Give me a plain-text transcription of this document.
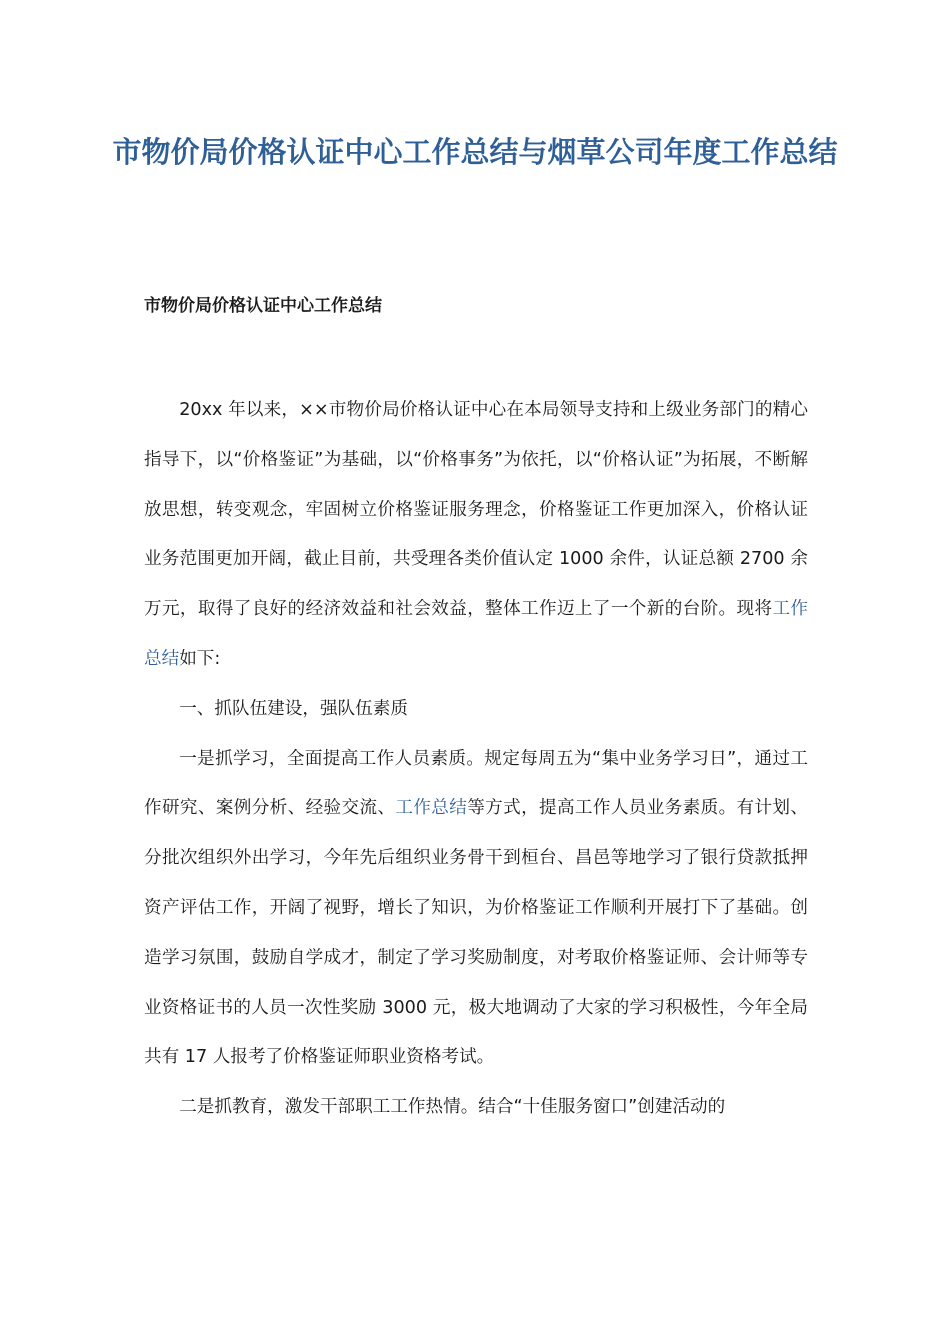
市物价局价格认证中心工作总结与烟草公司年度工作总结
市物价局价格认证中心工作总结

20xx 年以来，××市物价局价格认证中心在本局领导支持和上级业务部门的精心指导下，以“价格鉴证”为基础，以“价格事务”为依托，以“价格认证”为拓展，不断解放思想，转变观念，牢固树立价格鉴证服务理念，价格鉴证工作更加深入，价格认证业务范围更加开阔，截止目前，共受理各类价值认定 1000 余件，认证总额 2700 余万元，取得了良好的经济效益和社会效益，整体工作迈上了一个新的台阶。现将工作总结如下:

一、抓队伍建设，强队伍素质

一是抓学习，全面提高工作人员素质。规定每周五为“集中业务学习日”，通过工作研究、案例分析、经验交流、工作总结等方式，提高工作人员业务素质。有计划、分批次组织外出学习，今年先后组织业务骨干到桓台、昌邑等地学习了银行贷款抵押资产评估工作，开阔了视野，增长了知识，为价格鉴证工作顺利开展打下了基础。创造学习氛围，鼓励自学成才，制定了学习奖励制度，对考取价格鉴证师、会计师等专业资格证书的人员一次性奖励 3000 元，极大地调动了大家的学习积极性，今年全局共有 17 人报考了价格鉴证师职业资格考试。

二是抓教育，激发干部职工工作热情。结合“十佳服务窗口”创建活动的
